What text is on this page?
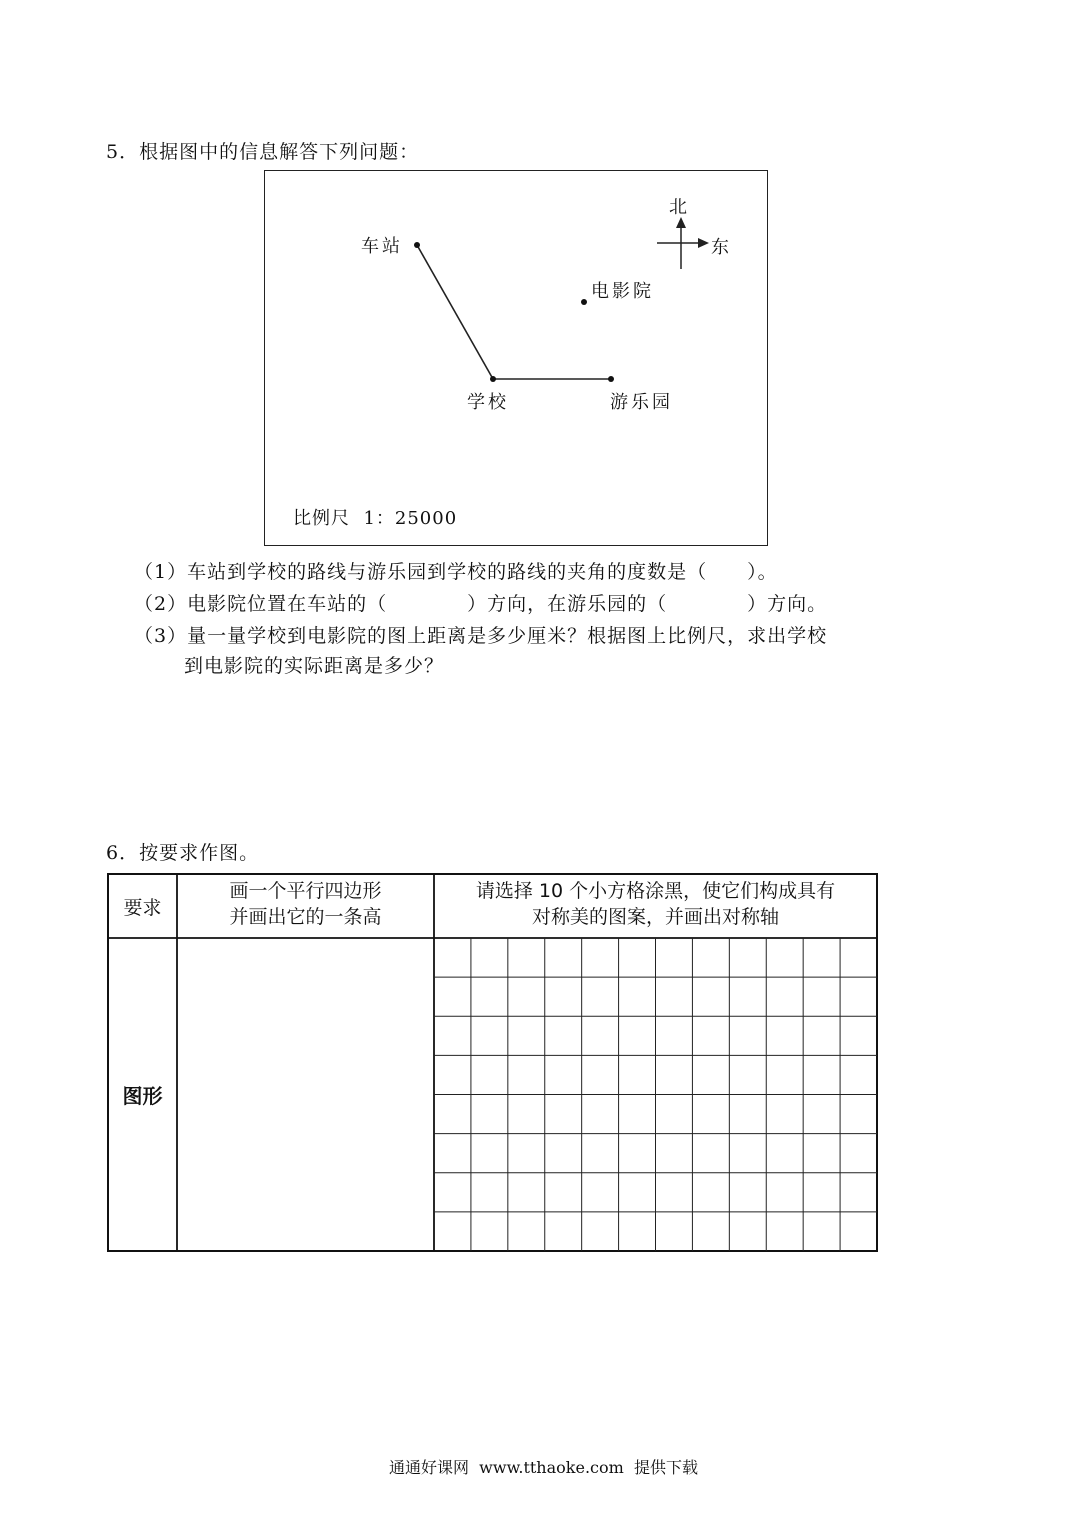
5．根据图中的信息解答下列问题：
北
东
车站
电影院
学校	游乐园
比例尺  1：25000
（1）车站到学校的路线与游乐园到学校的路线的夹角的度数是（　　）。
（2）电影院位置在车站的（　　　　）方向，在游乐园的（　　　　）方向。
（3）量一量学校到电影院的图上距离是多少厘米？根据图上比例尺，求出学校
到电影院的实际距离是多少？
6．按要求作图。
要求
画一个平行四边形
并画出它的一条高
请选择 10 个小方格涂黑，使它们构成具有
对称美的图案，并画出对称轴
图形
通通好课网  www.tthaoke.com  提供下载
